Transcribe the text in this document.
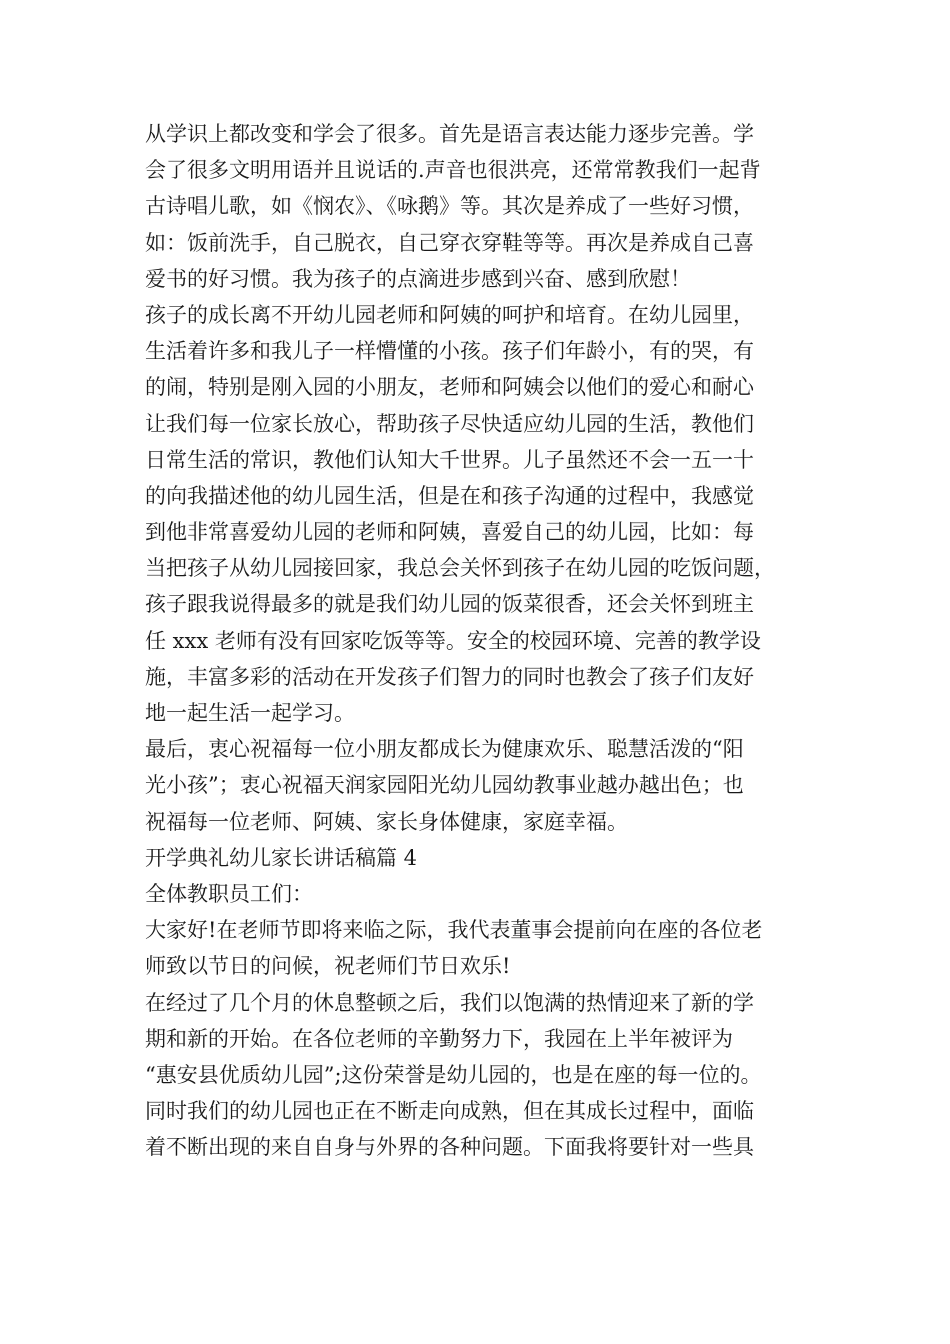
从学识上都改变和学会了很多。首先是语言表达能力逐步完善。学
会了很多文明用语并且说话的.声音也很洪亮，还常常教我们一起背
古诗唱儿歌，如《悯农》、《咏鹅》等。其次是养成了一些好习惯，
如：饭前洗手，自己脱衣，自己穿衣穿鞋等等。再次是养成自己喜
爱书的好习惯。我为孩子的点滴进步感到兴奋、感到欣慰！
孩子的成长离不开幼儿园老师和阿姨的呵护和培育。在幼儿园里，
生活着许多和我儿子一样懵懂的小孩。孩子们年龄小，有的哭，有
的闹，特别是刚入园的小朋友，老师和阿姨会以他们的爱心和耐心
让我们每一位家长放心，帮助孩子尽快适应幼儿园的生活，教他们
日常生活的常识，教他们认知大千世界。儿子虽然还不会一五一十
的向我描述他的幼儿园生活，但是在和孩子沟通的过程中，我感觉
到他非常喜爱幼儿园的老师和阿姨，喜爱自己的幼儿园，比如：每
当把孩子从幼儿园接回家，我总会关怀到孩子在幼儿园的吃饭问题，
孩子跟我说得最多的就是我们幼儿园的饭菜很香，还会关怀到班主
任 xxx 老师有没有回家吃饭等等。安全的校园环境、完善的教学设
施，丰富多彩的活动在开发孩子们智力的同时也教会了孩子们友好
地一起生活一起学习。
最后，衷心祝福每一位小朋友都成长为健康欢乐、聪慧活泼的“阳
光小孩”；衷心祝福天润家园阳光幼儿园幼教事业越办越出色；也
祝福每一位老师、阿姨、家长身体健康，家庭幸福。
开学典礼幼儿家长讲话稿篇 4
全体教职员工们：
大家好!在老师节即将来临之际，我代表董事会提前向在座的各位老
师致以节日的问候，祝老师们节日欢乐!
在经过了几个月的休息整顿之后，我们以饱满的热情迎来了新的学
期和新的开始。在各位老师的辛勤努力下，我园在上半年被评为
“惠安县优质幼儿园”;这份荣誉是幼儿园的，也是在座的每一位的。
同时我们的幼儿园也正在不断走向成熟，但在其成长过程中，面临
着不断出现的来自自身与外界的各种问题。下面我将要针对一些具
